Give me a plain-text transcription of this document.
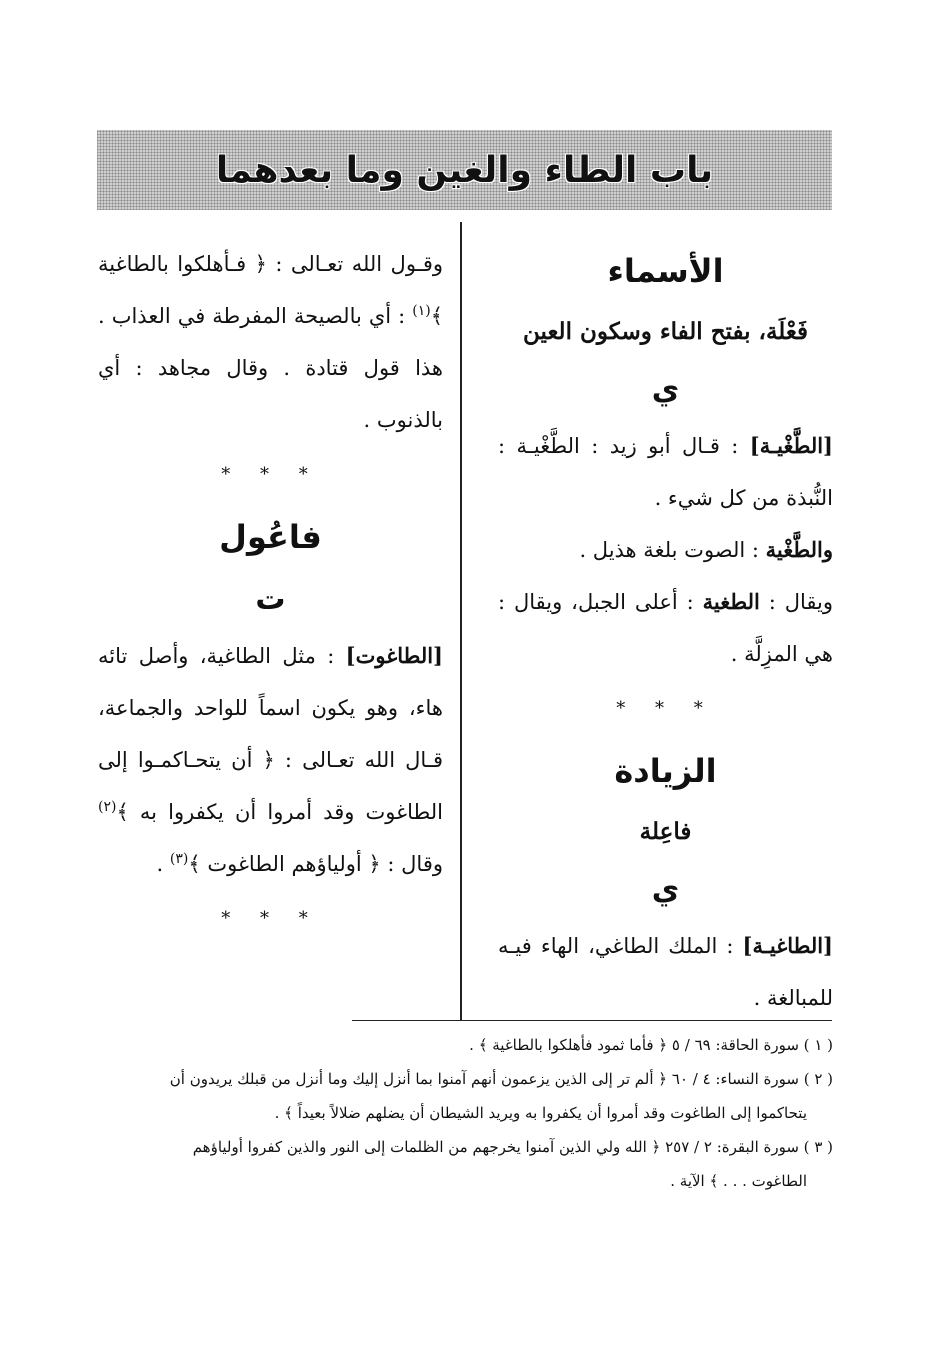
باب الطاء والغين وما بعدهما
الأسماء
فَعْلَة، بفتح الفاء وسكون العين
ي

[الطَّغْيـة] : قـال أبو زيد : الطَّغْيـة : النُّبذة من كل شيء .

والطَّغْية : الصوت بلغة هذيل .

ويقال : الطغية : أعلى الجبل، ويقال : هي المزِلَّة .

* * *
الزيادة
فاعِلة
ي

[الطاغيـة] : الملك الطاغي، الهاء فيـه للمبالغة .

وقـول الله تعـالى : ﴿ فـأهلكوا بالطاغية ﴾$^{(١)}$ : أي بالصيحة المفرطة في العذاب . هذا قول قتادة . وقال مجاهد : أي بالذنوب .

* * *
فاعُول
ت

[الطاغوت] : مثل الطاغية، وأصل تائه هاء، وهو يكون اسماً للواحد والجماعة، قـال الله تعـالى : ﴿ أن يتحـاكمـوا إلى الطاغوت وقد أمروا أن يكفروا به ﴾$^{(٢)}$ وقال : ﴿ أولياؤهم الطاغوت ﴾$^{(٣)}$ .

* * *

( ١ ) سورة الحاقة: ٦٩ / ٥ ﴿ فأما ثمود فأهلكوا بالطاغية ﴾ .

( ٢ ) سورة النساء: ٤ / ٦٠ ﴿ ألم تر إلى الذين يزعمون أنهم آمنوا بما أنزل إليك وما أنزل من قبلك يريدون أن

يتحاكموا إلى الطاغوت وقد أمروا أن يكفروا به ويريد الشيطان أن يضلهم ضلالاً بعيداً ﴾ .

( ٣ ) سورة البقرة: ٢ / ٢٥٧ ﴿ الله ولي الذين آمنوا يخرجهم من الظلمات إلى النور والذين كفروا أولياؤهم

الطاغوت . . . ﴾ الآية .
